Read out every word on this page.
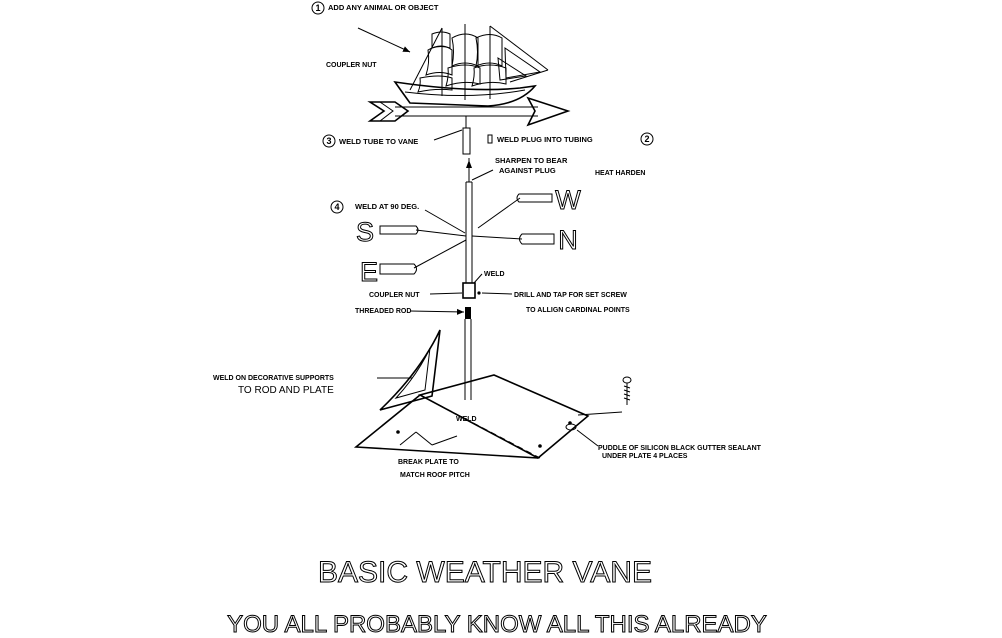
1 ADD ANY ANIMAL OR OBJECT
COUPLER NUT
3 WELD TUBE TO VANE	WELD PLUG INTO TUBING	2
SHARPEN TO BEAR
AGAINST PLUG	HEAT HARDEN
4 WELD AT 90 DEG.	W
S	N
E	WELD
COUPLER NUT	DRILL AND TAP FOR SET SCREW
TO ALLIGN CARDINAL POINTS
THREADED ROD
WELD ON DECORATIVE SUPPORTS
TO ROD AND PLATE
WELD
BREAK PLATE TO
MATCH ROOF PITCH
PUDDLE OF SILICON BLACK GUTTER SEALANT
UNDER PLATE 4 PLACES
BASIC WEATHER VANE
YOU ALL PROBABLY KNOW ALL THIS ALREADY
